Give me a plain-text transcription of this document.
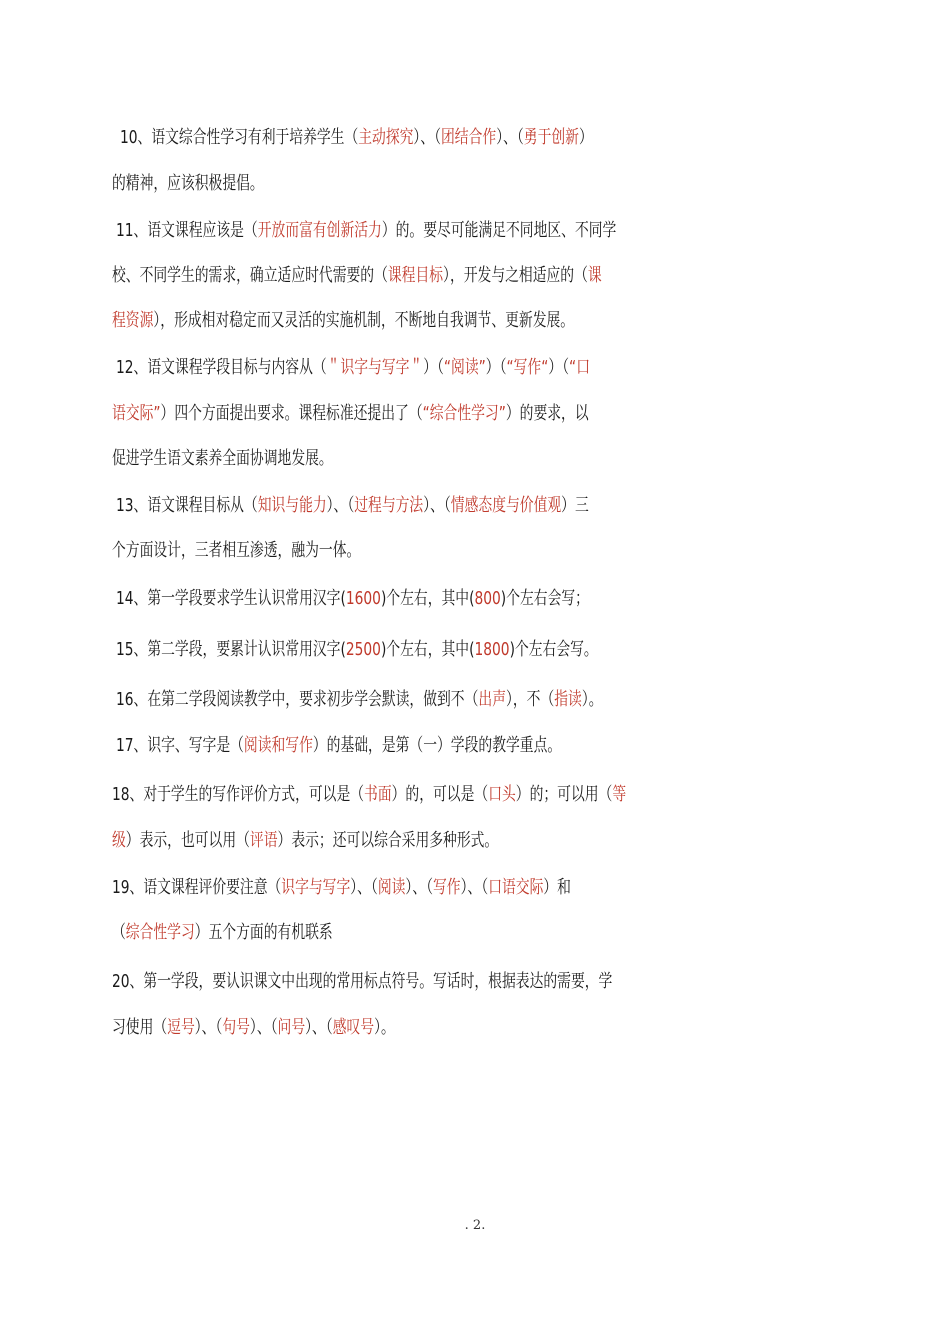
10、语文综合性学习有利于培养学生（主动探究）、（团结合作）、（勇于创新）
的精神，应该积极提倡。
11、语文课程应该是（开放而富有创新活力）的。要尽可能满足不同地区、不同学
校、不同学生的需求，确立适应时代需要的（课程目标），开发与之相适应的（课
程资源），形成相对稳定而又灵活的实施机制，不断地自我调节、更新发展。
12、语文课程学段目标与内容从（＂识字与写字＂）（“阅读”）（“写作“）（“口
语交际”）四个方面提出要求。课程标准还提出了（“综合性学习”）的要求，以
促进学生语文素养全面协调地发展。
13、语文课程目标从（知识与能力）、（过程与方法）、（情感态度与价值观）三
个方面设计，三者相互渗透，融为一体。
14、第一学段要求学生认识常用汉字(1600)个左右，其中(800)个左右会写；
15、第二学段，要累计认识常用汉字(2500)个左右，其中(1800)个左右会写。
16、在第二学段阅读教学中，要求初步学会默读，做到不（出声），不（指读）。
17、识字、写字是（阅读和写作）的基础，是第（一）学段的教学重点。
18、对于学生的写作评价方式，可以是（书面）的，可以是（口头）的；可以用（等
级）表示，也可以用（评语）表示；还可以综合采用多种形式。
19、语文课程评价要注意（识字与写字）、（阅读）、（写作）、（口语交际）和
（综合性学习）五个方面的有机联系
20、第一学段，要认识课文中出现的常用标点符号。写话时，根据表达的需要，学
习使用（逗号）、（句号）、（问号）、（感叹号）。
. 2.
